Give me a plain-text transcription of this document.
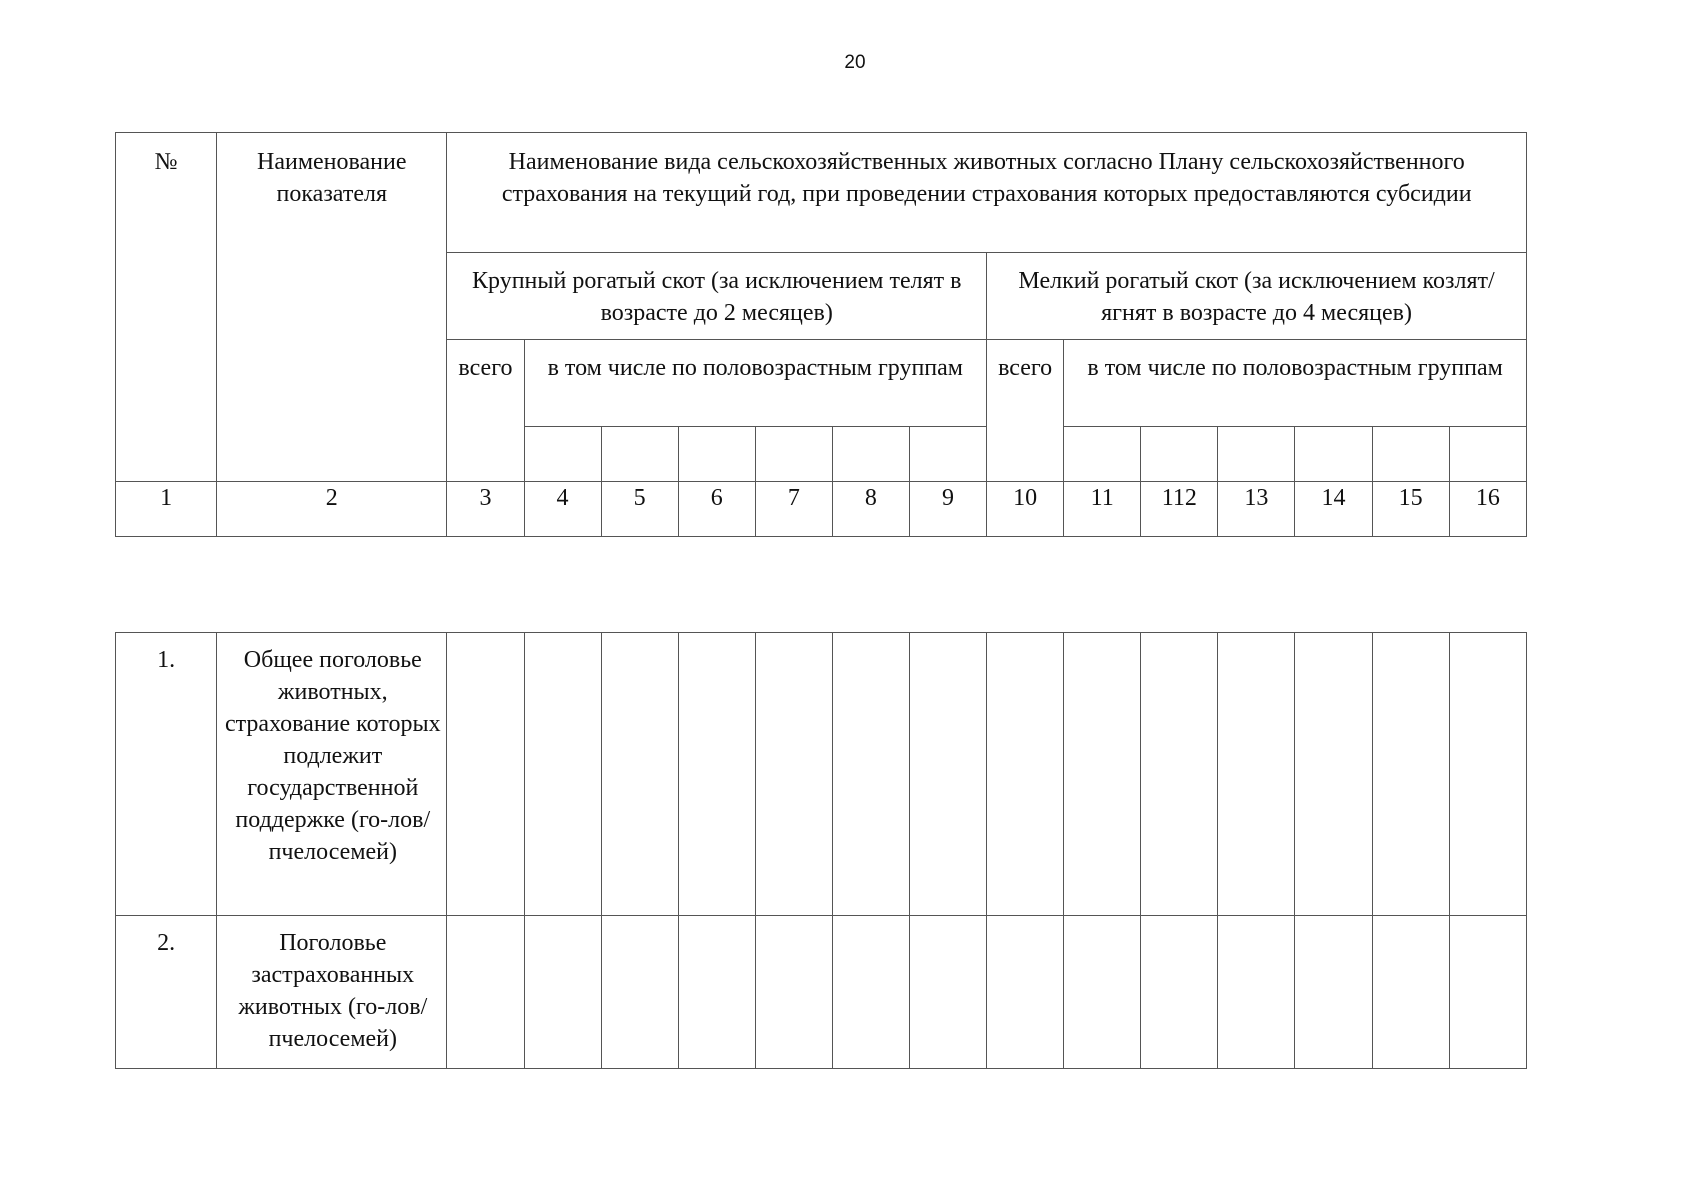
20
№	Наименование показателя	Наименование вида сельскохозяйственных животных согласно Плану сельскохозяйственного страхования на текущий год, при проведении страхования которых предоставляются субсидии													
		Крупный рогатый скот (за исключением телят в возрасте до 2 месяцев)							Мелкий рогатый скот (за исключением козлят/ягнят в возрасте до 4 месяцев)						
		всего	в том числе по половозрастным группам						всего	в том числе по половозрастным группам					

1	2	3	4	5	6	7	8	9	10	11	112	13	14	15	16
1.	Общее поголовье животных, страхование которых подлежит государственной поддержке (го-лов/пчелосемей)														
2.	Поголовье застрахованных животных (го-лов/пчелосемей)														
